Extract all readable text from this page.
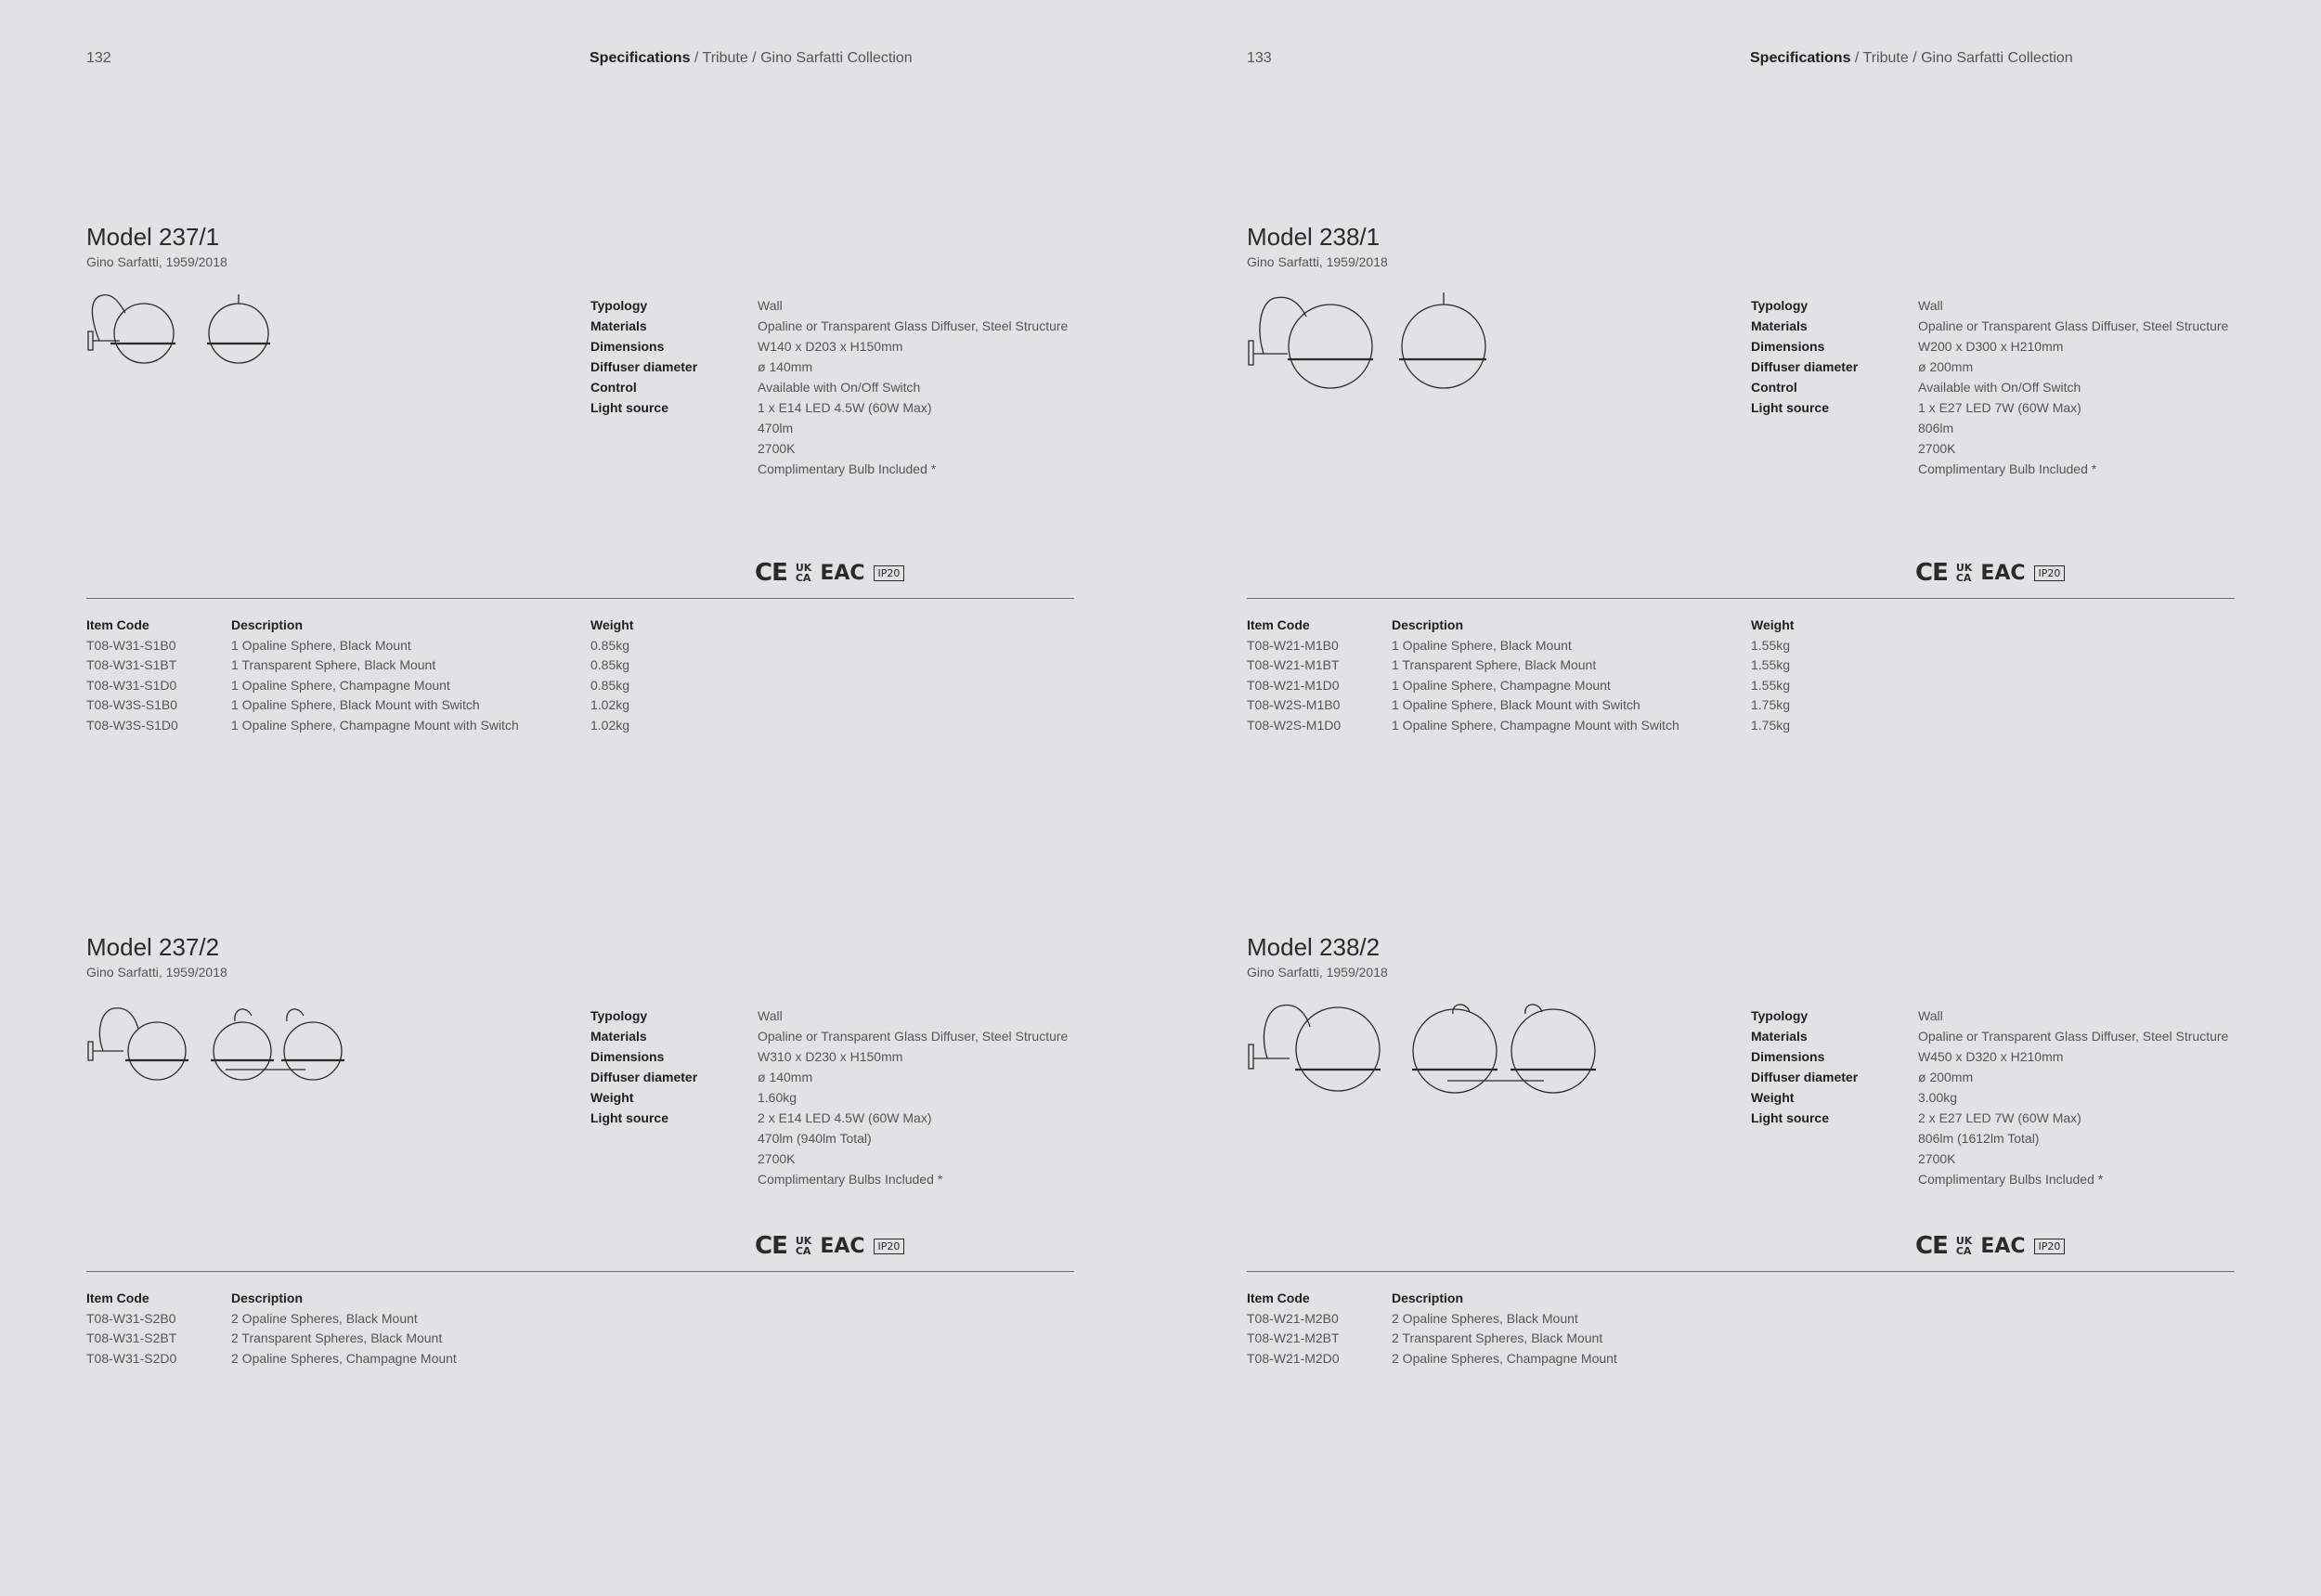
132	Specifications / Tribute / Gino Sarfatti Collection
Model 237/1
Gino Sarfatti, 1959/2018
Typology	Wall
Materials	Opaline or Transparent Glass Diffuser, Steel Structure
Dimensions	W140 x D203 x H150mm
Diffuser diameter	ø 140mm
Control	Available with On/Off Switch
Light source	1 x E14 LED 4.5W (60W Max)
470lm
2700K
Complimentary Bulb Included *
CE UK
CA EAC	IP20
Item Code	Description	Weight
T08-W31-S1B0	1 Opaline Sphere, Black Mount	0.85kg
T08-W31-S1BT	1 Transparent Sphere, Black Mount	0.85kg
T08-W31-S1D0	1 Opaline Sphere, Champagne Mount	0.85kg
T08-W3S-S1B0	1 Opaline Sphere, Black Mount with Switch	1.02kg
T08-W3S-S1D0	1 Opaline Sphere, Champagne Mount with Switch	1.02kg
Model 237/2
Gino Sarfatti, 1959/2018
Typology	Wall
Materials	Opaline or Transparent Glass Diffuser, Steel Structure
Dimensions	W310 x D230 x H150mm
Diffuser diameter	ø 140mm
Weight	1.60kg
Light source	2 x E14 LED 4.5W (60W Max)
470lm (940lm Total)
2700K
Complimentary Bulbs Included *
CE UK
CA EAC	IP20
Item Code	Description
T08-W31-S2B0	2 Opaline Spheres, Black Mount
T08-W31-S2BT	2 Transparent Spheres, Black Mount
T08-W31-S2D0	2 Opaline Spheres, Champagne Mount
133	Specifications / Tribute / Gino Sarfatti Collection
Model 238/1
Gino Sarfatti, 1959/2018
Typology	Wall
Materials	Opaline or Transparent Glass Diffuser, Steel Structure
Dimensions	W200 x D300 x H210mm
Diffuser diameter	ø 200mm
Control	Available with On/Off Switch
Light source	1 x E27 LED 7W (60W Max)
806lm
2700K
Complimentary Bulb Included *
CE UK
CA EAC	IP20
Item Code	Description	Weight
T08-W21-M1B0	1 Opaline Sphere, Black Mount	1.55kg
T08-W21-M1BT	1 Transparent Sphere, Black Mount	1.55kg
T08-W21-M1D0	1 Opaline Sphere, Champagne Mount	1.55kg
T08-W2S-M1B0	1 Opaline Sphere, Black Mount with Switch	1.75kg
T08-W2S-M1D0	1 Opaline Sphere, Champagne Mount with Switch	1.75kg
Model 238/2
Gino Sarfatti, 1959/2018
Typology	Wall
Materials	Opaline or Transparent Glass Diffuser, Steel Structure
Dimensions	W450 x D320 x H210mm
Diffuser diameter	ø 200mm
Weight	3.00kg
Light source	2 x E27 LED 7W (60W Max)
806lm (1612lm Total)
2700K
Complimentary Bulbs Included *
CE UK
CA EAC	IP20
Item Code	Description
T08-W21-M2B0	2 Opaline Spheres, Black Mount
T08-W21-M2BT	2 Transparent Spheres, Black Mount
T08-W21-M2D0	2 Opaline Spheres, Champagne Mount
